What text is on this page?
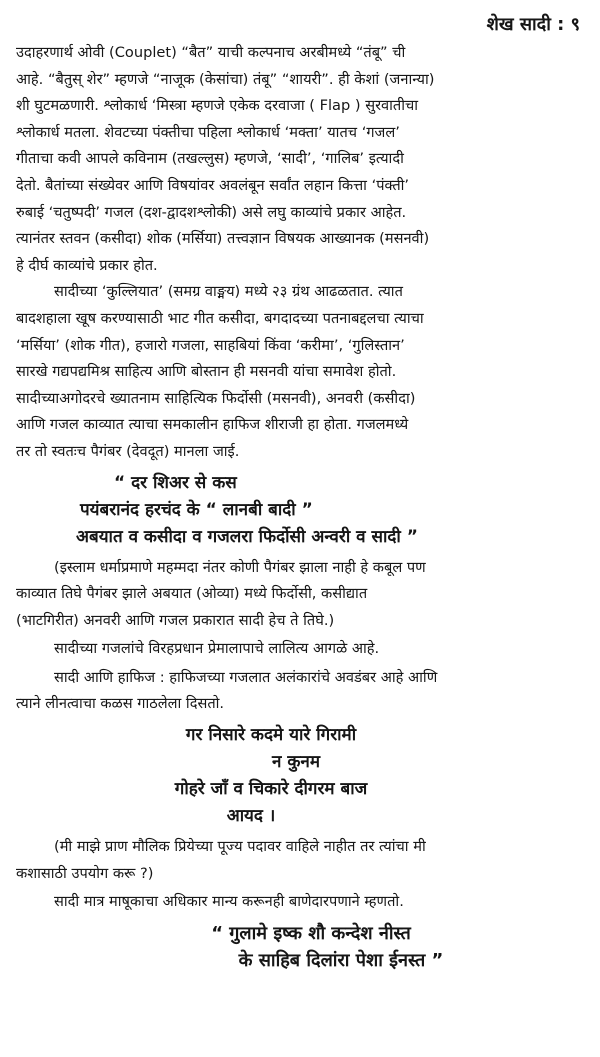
शेख सादी : ९

उदाहरणार्थ ओवी (Couplet) “बैत” याची कल्पनाच अरबीमध्ये “तंबू” ची
आहे. “बैतुस् शेर” म्हणजे “नाजूक (केसांचा) तंबू” “शायरी”. ही केशां (जनान्या)
शी घुटमळणारी. श्लोकार्ध ‘मिस्त्रा म्हणजे एकेक दरवाजा ( Flap ) सुरवातीचा
श्लोकार्ध मतला. शेवटच्या पंक्तीचा पहिला श्लोकार्ध ‘मक्ता’ यातच ‘गजल’
गीताचा कवी आपले कविनाम (तखल्लुस) म्हणजे, ‘सादी’, ‘गालिब’ इत्यादी
देतो. बैतांच्या संख्येवर आणि विषयांवर अवलंबून सर्वांत लहान कित्ता ‘पंक्ती’
रुबाई ‘चतुष्पदी’ गजल (दश-द्वादशश्लोकी) असे लघु काव्यांचे प्रकार आहेत.
त्यानंतर स्तवन (कसीदा) शोक (मर्सिया) तत्त्वज्ञान विषयक आख्यानक (मसनवी)
हे दीर्घ काव्यांचे प्रकार होत.

सादीच्या ‘कुल्लियात’ (समग्र वाङ्मय) मध्ये २३ ग्रंथ आढळतात. त्यात
बादशहाला खूष करण्यासाठी भाट गीत कसीदा, बगदादच्या पतनाबद्दलचा त्याचा
‘मर्सिया’ (शोक गीत), हजारो गजला, साहबियां किंवा ‘करीमा’, ‘गुलिस्तान’
सारखे गद्यपद्यमिश्र साहित्य आणि बोस्तान ही मसनवी यांचा समावेश होतो.
सादीच्याअगोदरचे ख्यातनाम साहित्यिक फिर्दोसी (मसनवी), अनवरी (कसीदा)
आणि गजल काव्यात त्याचा समकालीन हाफिज शीराजी हा होता. गजलमध्ये
तर तो स्वतःच पैगंबर (देवदूत) मानला जाई.

“ दर शिअर से कस
पयंबरानंद हरचंद के “ लानबी बादी ”
अबयात व कसीदा व गजलरा फिर्दोसी अन्वरी व सादी ”

(इस्लाम धर्माप्रमाणे महम्मदा नंतर कोणी पैगंबर झाला नाही हे कबूल पण
काव्यात तिघे पैगंबर झाले अबयात (ओव्या) मध्ये फिर्दोसी, कसीद्यात
(भाटगिरीत) अनवरी आणि गजल प्रकारात सादी हेच ते तिघे.)

सादीच्या गजलांचे विरहप्रधान प्रेमालापाचे लालित्य आगळे आहे.

सादी आणि हाफिज : हाफिजच्या गजलात अलंकारांचे अवडंबर आहे आणि
त्याने लीनत्वाचा कळस गाठलेला दिसतो.

गर निसारे कदमे यारे गिरामी
न कुनम
गोहरे जाँ व चिकारे दीगरम बाज
आयद ।

(मी माझे प्राण मौलिक प्रियेच्या पूज्य पदावर वाहिले नाहीत तर त्यांचा मी
कशासाठी उपयोग करू ?)

सादी मात्र माषूकाचा अधिकार मान्य करूनही बाणेदारपणाने म्हणतो.

“ गुलामे इष्क शौ कन्देश नीस्त
के साहिब दिलांरा पेशा ईनस्त ”
